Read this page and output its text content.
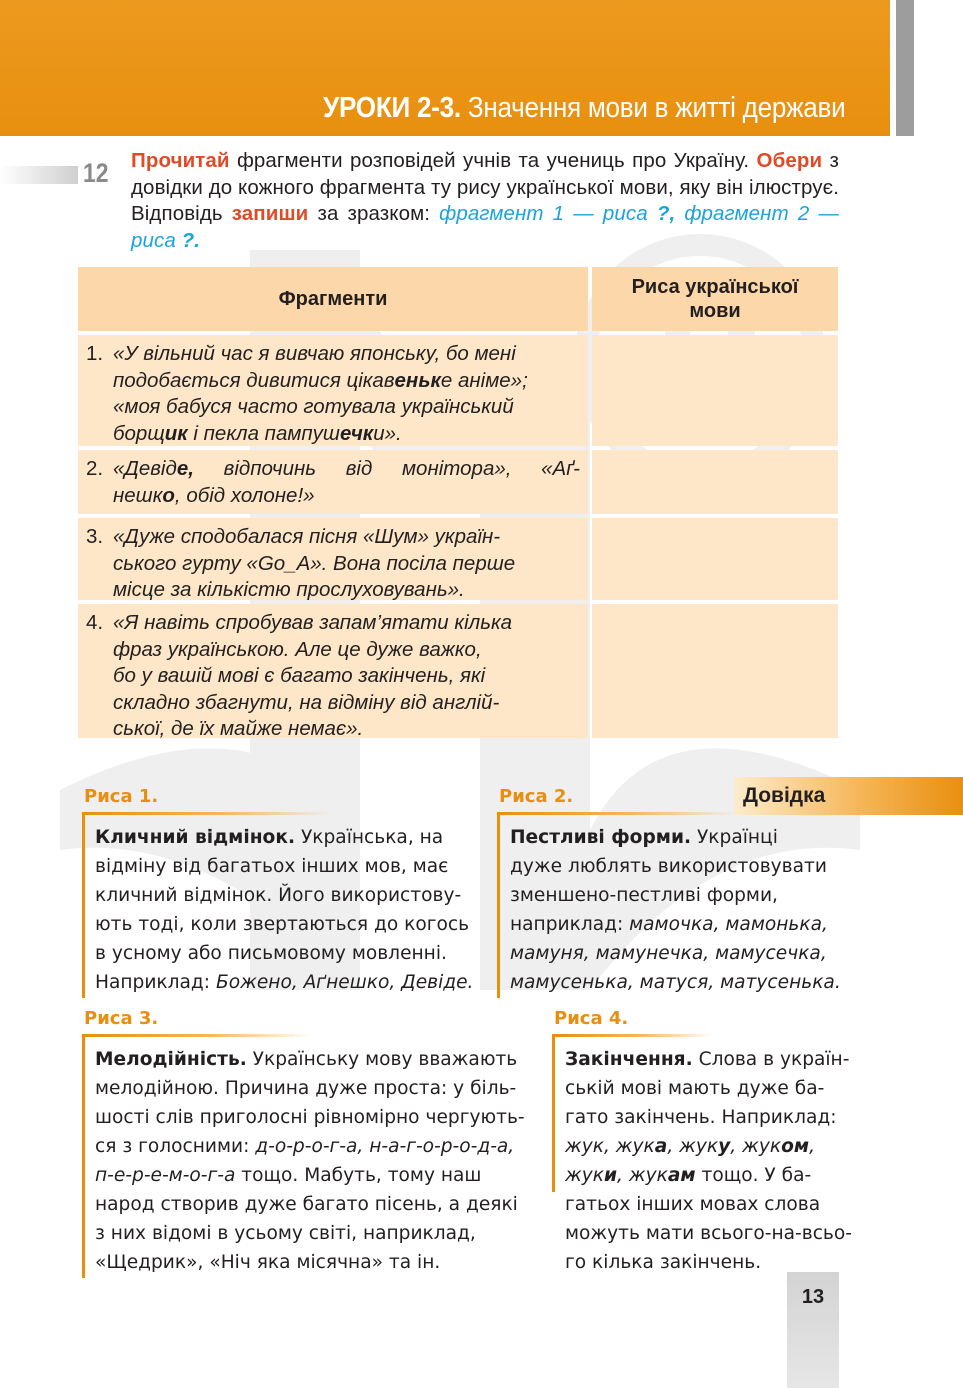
УРОКИ 2-3. Значення мови в житті держави
12 Прочитай фрагменти розповідей учнів та учениць про Україну. Обери з довідки до кожного фрагмента ту рису української мови, яку він ілюструє. Відповідь запиши за зразком: фрагмент 1 — риса ?, фрагмент 2 — риса ?.
Фрагменти
Риса української мови
1. «У вільний час я вивчаю японську, бо мені
подобається дивитися цікавеньке аніме»;
«моя бабуся часто готувала український
борщик і пекла пампушечки».
2. «Девіде, відпочинь від монітора», «Аґ-
нешко, обід холоне!»
3. «Дуже сподобалася пісня «Шум» україн-
ського гурту «Go_A». Вона посіла перше
місце за кількістю прослуховувань».
4. «Я навіть спробував запам’ятати кілька
фраз українською. Але це дуже важко,
бо у вашій мові є багато закінчень, які
складно збагнути, на відміну від англій-
ської, де їх майже немає».
Довідка
Риса 1.
Кличний відмінок. Українська, на
відміну від багатьох інших мов, має
кличний відмінок. Його використову-
ють тоді, коли звертаються до когось
в усному або письмовому мовленні.
Наприклад: Божено, Аґнешко, Девіде.
Риса 2.
Пестливі форми. Українці
дуже люблять використовувати
зменшено-пестливі форми,
наприклад: мамочка, мамонька,
мамуня, мамунечка, мамусечка,
мамусенька, матуся, матусенька.
Риса 3.
Мелодійність. Українську мову вважають
мелодійною. Причина дуже проста: у біль-
шості слів приголосні рівномірно чергують-
ся з голосними: д-о-р-о-г-а, н-а-г-о-р-о-д-а,
п-е-р-е-м-о-г-а тощо. Мабуть, тому наш
народ створив дуже багато пісень, а деякі
з них відомі в усьому світі, наприклад,
«Щедрик», «Ніч яка місячна» та ін.
Риса 4.
Закінчення. Слова в україн-
ській мові мають дуже ба-
гато закінчень. Наприклад:
жук, жука, жуку, жуком,
жуки, жукам тощо. У ба-
гатьох інших мовах слова
можуть мати всього-на-всьо-
го кілька закінчень.
13
